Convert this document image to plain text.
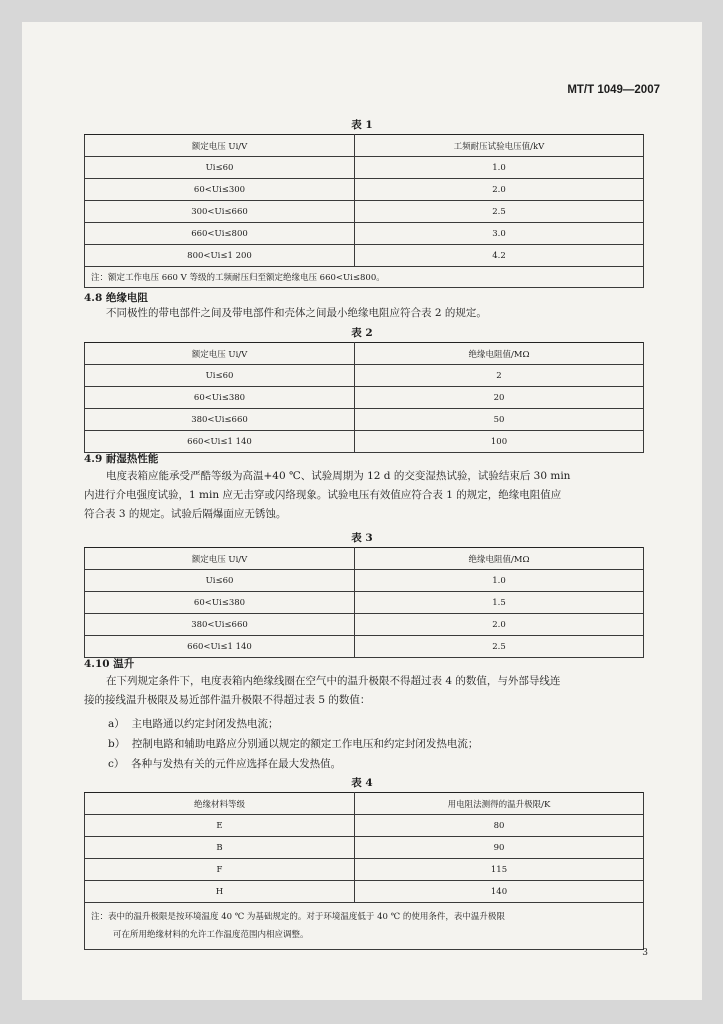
MT/T 1049—2007
表 1
额定电压 Ui/V	工频耐压试验电压值/kV
Ui≤60	1.0
60<Ui≤300	2.0
300<Ui≤660	2.5
660<Ui≤800	3.0
800<Ui≤1 200	4.2
注：额定工作电压 660 V 等级的工频耐压归至额定绝缘电压 660<Ui≤800。	
4.8 绝缘电阻
不同极性的带电部件之间及带电部件和壳体之间最小绝缘电阻应符合表 2 的规定。
表 2
额定电压 Ui/V	绝缘电阻值/MΩ
Ui≤60	2
60<Ui≤380	20
380<Ui≤660	50
660<Ui≤1 140	100
4.9 耐湿热性能
电度表箱应能承受严酷等级为高温+40 ℃、试验周期为 12 d 的交变湿热试验，试验结束后 30 min
内进行介电强度试验，1 min 应无击穿或闪络现象。试验电压有效值应符合表 1 的规定，绝缘电阻值应
符合表 3 的规定。试验后隔爆面应无锈蚀。
表 3
额定电压 Ui/V	绝缘电阻值/MΩ
Ui≤60	1.0
60<Ui≤380	1.5
380<Ui≤660	2.0
660<Ui≤1 140	2.5
4.10 温升
在下列规定条件下，电度表箱内绝缘线圈在空气中的温升极限不得超过表 4 的数值，与外部导线连
接的接线温升极限及易近部件温升极限不得超过表 5 的数值：
a） 主电路通以约定封闭发热电流；
b） 控制电路和辅助电路应分别通以规定的额定工作电压和约定封闭发热电流；
c） 各种与发热有关的元件应选择在最大发热值。
表 4
绝缘材料等级	用电阻法测得的温升极限/K
E	80
B	90
F	115
H	140

注：表中的温升极限是按环境温度 40 ℃ 为基础规定的。对于环境温度低于 40 ℃ 的使用条件，表中温升极限
可在所用绝缘材料的允许工作温度范围内相应调整。	
3
